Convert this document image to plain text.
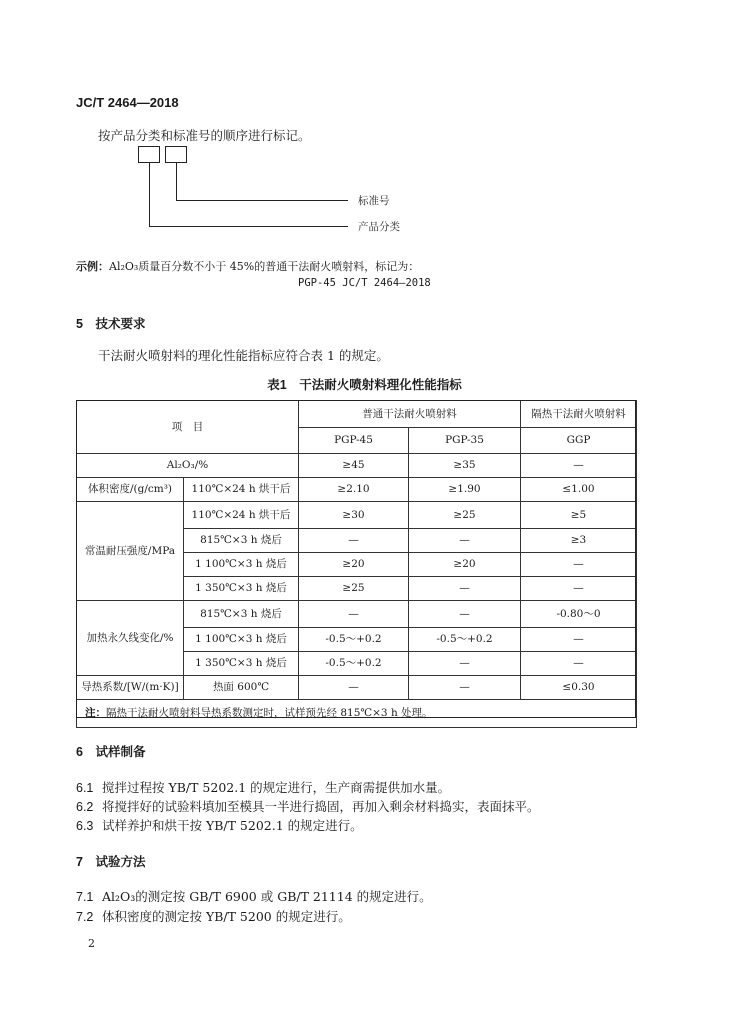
JC/T 2464—2018
按产品分类和标准号的顺序进行标记。
标准号
产品分类
示例：Al₂O₃质量百分数不小于 45%的普通干法耐火喷射料，标记为：
PGP-45 JC/T 2464—2018
5　技术要求
干法耐火喷射料的理化性能指标应符合表 1 的规定。
表1　干法耐火喷射料理化性能指标
项　目		普通干法耐火喷射料		隔热干法耐火喷射料
		PGP-45	PGP-35	GGP
Al₂O₃/%		≥45	≥35	—
体积密度/(g/cm³)	110℃×24 h 烘干后	≥2.10	≥1.90	≤1.00
常温耐压强度/MPa	110℃×24 h 烘干后	≥30	≥25	≥5
	815℃×3 h 烧后	—	—	≥3
	1 100℃×3 h 烧后	≥20	≥20	—
	1 350℃×3 h 烧后	≥25	—	—
加热永久线变化/%	815℃×3 h 烧后	—	—	-0.80～0
	1 100℃×3 h 烧后	-0.5～+0.2	-0.5～+0.2	—
	1 350℃×3 h 烧后	-0.5～+0.2	—	—
导热系数/[W/(m·K)]	热面 600℃	—	—	≤0.30
注：隔热干法耐火喷射料导热系数测定时，试样预先经 815℃×3 h 处理。				
6　试样制备
6.1 搅拌过程按 YB/T 5202.1 的规定进行，生产商需提供加水量。
6.2 将搅拌好的试验料填加至模具一半进行捣固，再加入剩余材料捣实，表面抹平。
6.3 试样养护和烘干按 YB/T 5202.1 的规定进行。
7　试验方法
7.1 Al₂O₃的测定按 GB/T 6900 或 GB/T 21114 的规定进行。
7.2 体积密度的测定按 YB/T 5200 的规定进行。
2
